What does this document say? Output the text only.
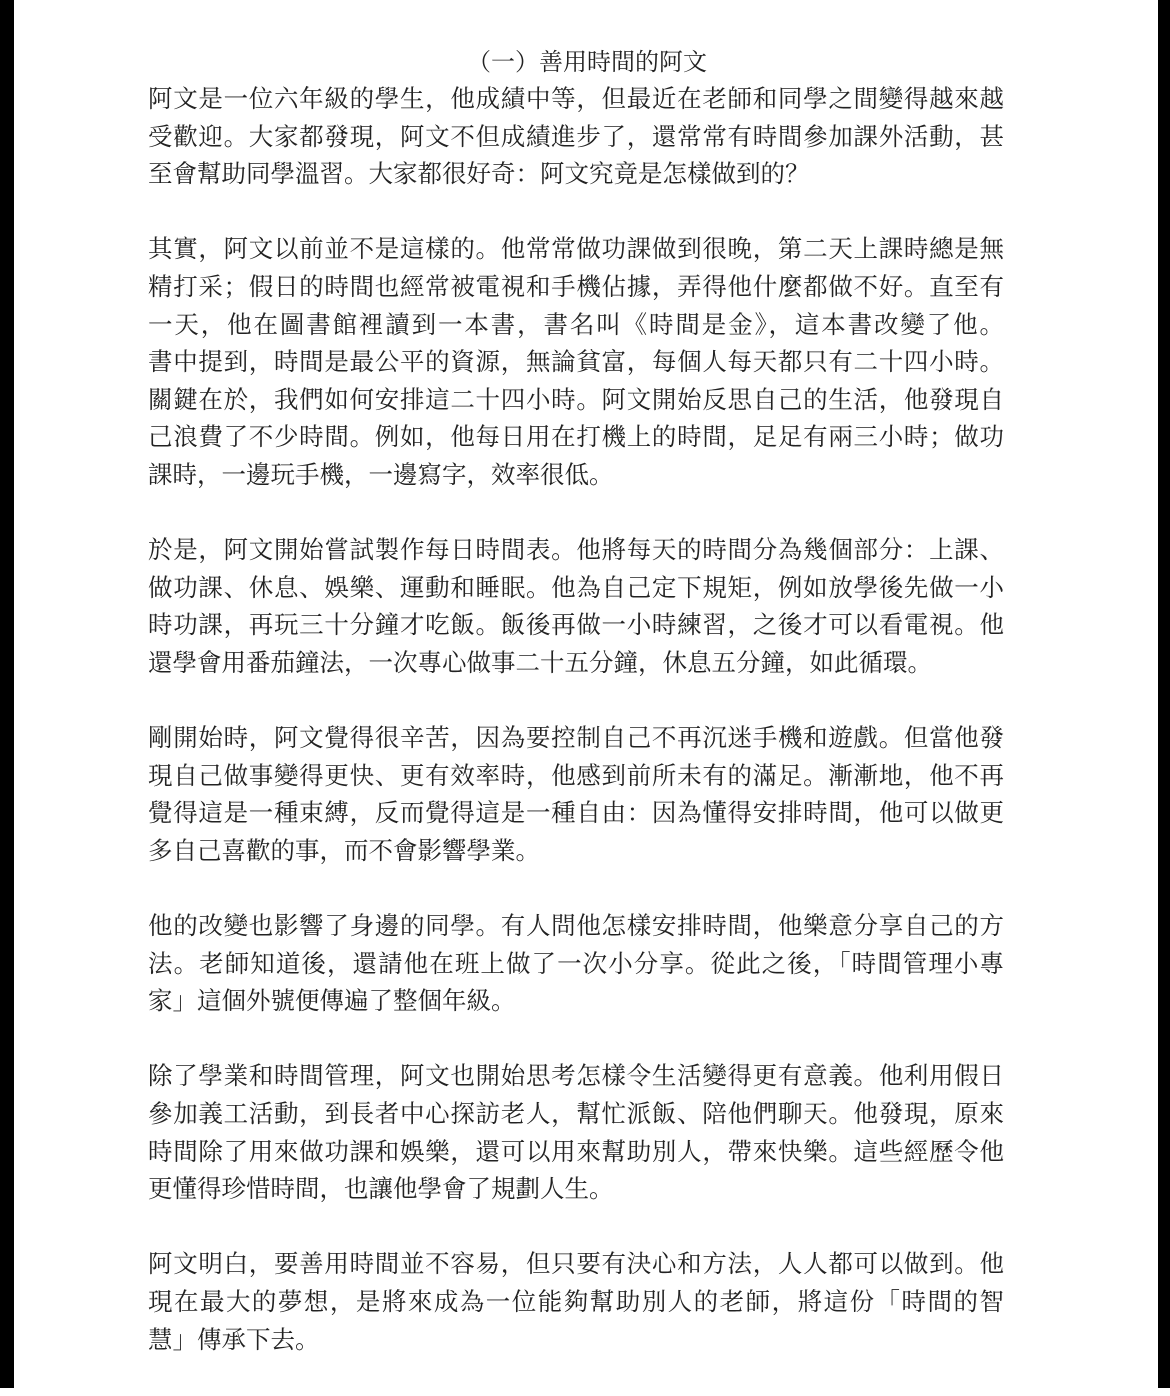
（一）善用時間的阿文

阿文是一位六年級的學生，他成績中等，但最近在老師和同學之間變得越來越
受歡迎。大家都發現，阿文不但成績進步了，還常常有時間參加課外活動，甚
至會幫助同學溫習。大家都很好奇：阿文究竟是怎樣做到的？

其實，阿文以前並不是這樣的。他常常做功課做到很晚，第二天上課時總是無
精打采；假日的時間也經常被電視和手機佔據，弄得他什麼都做不好。直至有
一天，他在圖書館裡讀到一本書，書名叫《時間是金》，這本書改變了他。
書中提到，時間是最公平的資源，無論貧富，每個人每天都只有二十四小時。
關鍵在於，我們如何安排這二十四小時。阿文開始反思自己的生活，他發現自
己浪費了不少時間。例如，他每日用在打機上的時間，足足有兩三小時；做功
課時，一邊玩手機，一邊寫字，效率很低。

於是，阿文開始嘗試製作每日時間表。他將每天的時間分為幾個部分：上課、
做功課、休息、娛樂、運動和睡眠。他為自己定下規矩，例如放學後先做一小
時功課，再玩三十分鐘才吃飯。飯後再做一小時練習，之後才可以看電視。他
還學會用番茄鐘法，一次專心做事二十五分鐘，休息五分鐘，如此循環。

剛開始時，阿文覺得很辛苦，因為要控制自己不再沉迷手機和遊戲。但當他發
現自己做事變得更快、更有效率時，他感到前所未有的滿足。漸漸地，他不再
覺得這是一種束縛，反而覺得這是一種自由：因為懂得安排時間，他可以做更
多自己喜歡的事，而不會影響學業。

他的改變也影響了身邊的同學。有人問他怎樣安排時間，他樂意分享自己的方
法。老師知道後，還請他在班上做了一次小分享。從此之後，「時間管理小專
家」這個外號便傳遍了整個年級。

除了學業和時間管理，阿文也開始思考怎樣令生活變得更有意義。他利用假日
參加義工活動，到長者中心探訪老人，幫忙派飯、陪他們聊天。他發現，原來
時間除了用來做功課和娛樂，還可以用來幫助別人，帶來快樂。這些經歷令他
更懂得珍惜時間，也讓他學會了規劃人生。

阿文明白，要善用時間並不容易，但只要有決心和方法，人人都可以做到。他
現在最大的夢想，是將來成為一位能夠幫助別人的老師，將這份「時間的智
慧」傳承下去。
